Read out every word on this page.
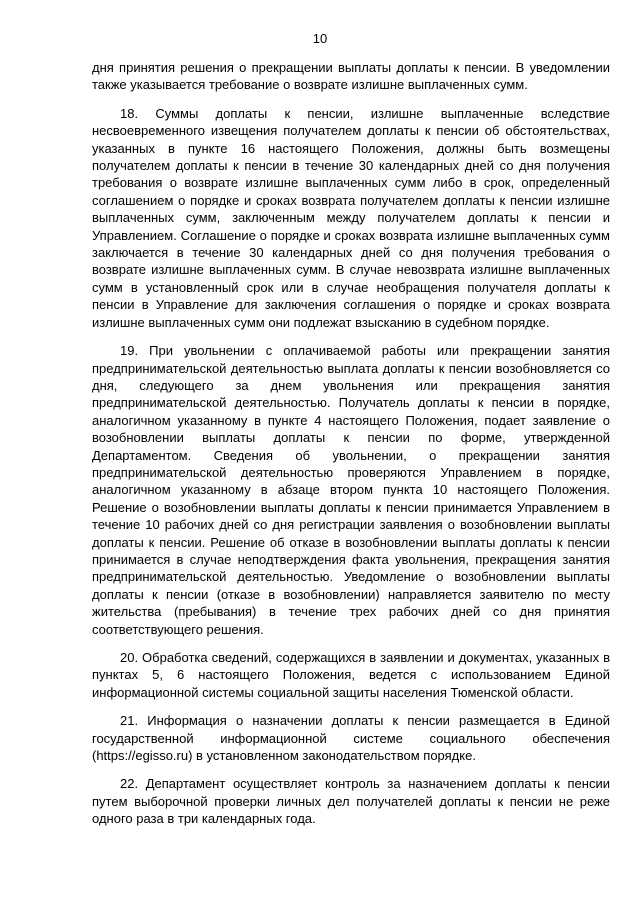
10

дня принятия решения о прекращении выплаты доплаты к пенсии. В уведомлении также указывается требование о возврате излишне выплаченных сумм.

18. Суммы доплаты к пенсии, излишне выплаченные вследствие несвоевременного извещения получателем доплаты к пенсии об обстоятельствах, указанных в пункте 16 настоящего Положения, должны быть возмещены получателем доплаты к пенсии в течение 30 календарных дней со дня получения требования о возврате излишне выплаченных сумм либо в срок, определенный соглашением о порядке и сроках возврата получателем доплаты к пенсии излишне выплаченных сумм, заключенным между получателем доплаты к пенсии и Управлением. Соглашение о порядке и сроках возврата излишне выплаченных сумм заключается в течение 30 календарных дней со дня получения требования о возврате излишне выплаченных сумм. В случае невозврата излишне выплаченных сумм в установленный срок или в случае необращения получателя доплаты к пенсии в Управление для заключения соглашения о порядке и сроках возврата излишне выплаченных сумм они подлежат взысканию в судебном порядке.

19. При увольнении с оплачиваемой работы или прекращении занятия предпринимательской деятельностью выплата доплаты к пенсии возобновляется со дня, следующего за днем увольнения или прекращения занятия предпринимательской деятельностью. Получатель доплаты к пенсии в порядке, аналогичном указанному в пункте 4 настоящего Положения, подает заявление о возобновлении выплаты доплаты к пенсии по форме, утвержденной Департаментом. Сведения об увольнении, о прекращении занятия предпринимательской деятельностью проверяются Управлением в порядке, аналогичном указанному в абзаце втором пункта 10 настоящего Положения. Решение о возобновлении выплаты доплаты к пенсии принимается Управлением в течение 10 рабочих дней со дня регистрации заявления о возобновлении выплаты доплаты к пенсии. Решение об отказе в возобновлении выплаты доплаты к пенсии принимается в случае неподтверждения факта увольнения, прекращения занятия предпринимательской деятельностью. Уведомление о возобновлении выплаты доплаты к пенсии (отказе в возобновлении) направляется заявителю по месту жительства (пребывания) в течение трех рабочих дней со дня принятия соответствующего решения.

20. Обработка сведений, содержащихся в заявлении и документах, указанных в пунктах 5, 6 настоящего Положения, ведется с использованием Единой информационной системы социальной защиты населения Тюменской области.

21. Информация о назначении доплаты к пенсии размещается в Единой государственной информационной системе социального обеспечения (https://egisso.ru) в установленном законодательством порядке.

22. Департамент осуществляет контроль за назначением доплаты к пенсии путем выборочной проверки личных дел получателей доплаты к пенсии не реже одного раза в три календарных года.
